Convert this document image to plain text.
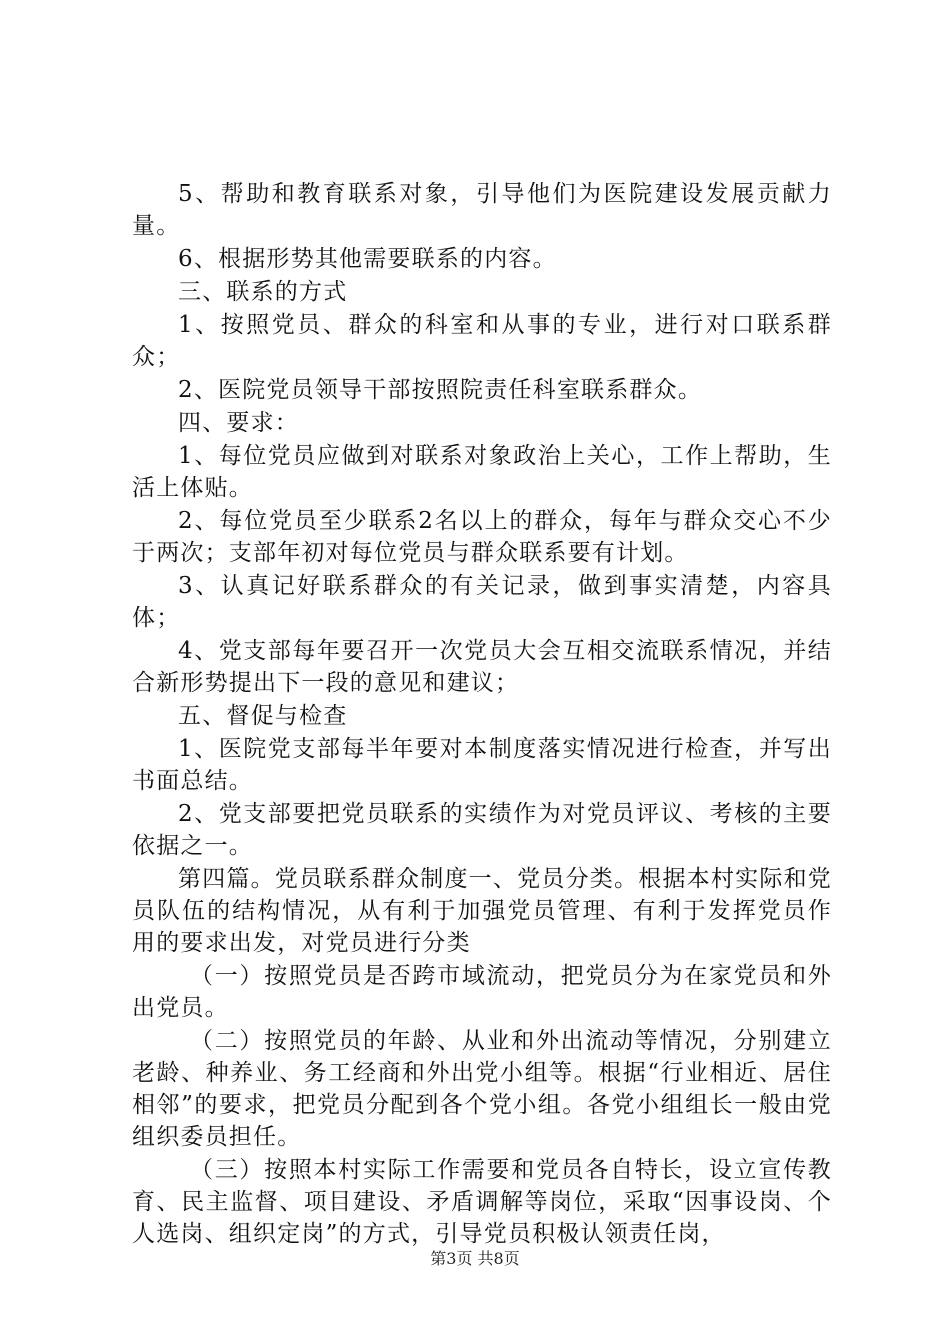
5、帮助和教育联系对象，引导他们为医院建设发展贡献力量。

6、根据形势其他需要联系的内容。

三、联系的方式

1、按照党员、群众的科室和从事的专业，进行对口联系群众；

2、医院党员领导干部按照院责任科室联系群众。

四、要求：

1、每位党员应做到对联系对象政治上关心，工作上帮助，生活上体贴。

2、每位党员至少联系2名以上的群众，每年与群众交心不少于两次；支部年初对每位党员与群众联系要有计划。

3、认真记好联系群众的有关记录，做到事实清楚，内容具体；

4、党支部每年要召开一次党员大会互相交流联系情况，并结合新形势提出下一段的意见和建议；

五、督促与检查

1、医院党支部每半年要对本制度落实情况进行检查，并写出书面总结。

2、党支部要把党员联系的实绩作为对党员评议、考核的主要依据之一。

第四篇。党员联系群众制度一、党员分类。根据本村实际和党员队伍的结构情况，从有利于加强党员管理、有利于发挥党员作用的要求出发，对党员进行分类

（一）按照党员是否跨市域流动，把党员分为在家党员和外出党员。

（二）按照党员的年龄、从业和外出流动等情况，分别建立老龄、种养业、务工经商和外出党小组等。根据“行业相近、居住相邻”的要求，把党员分配到各个党小组。各党小组组长一般由党组织委员担任。

（三）按照本村实际工作需要和党员各自特长，设立宣传教育、民主监督、项目建设、矛盾调解等岗位，采取“因事设岗、个人选岗、组织定岗”的方式，引导党员积极认领责任岗，

第3页 共8页
